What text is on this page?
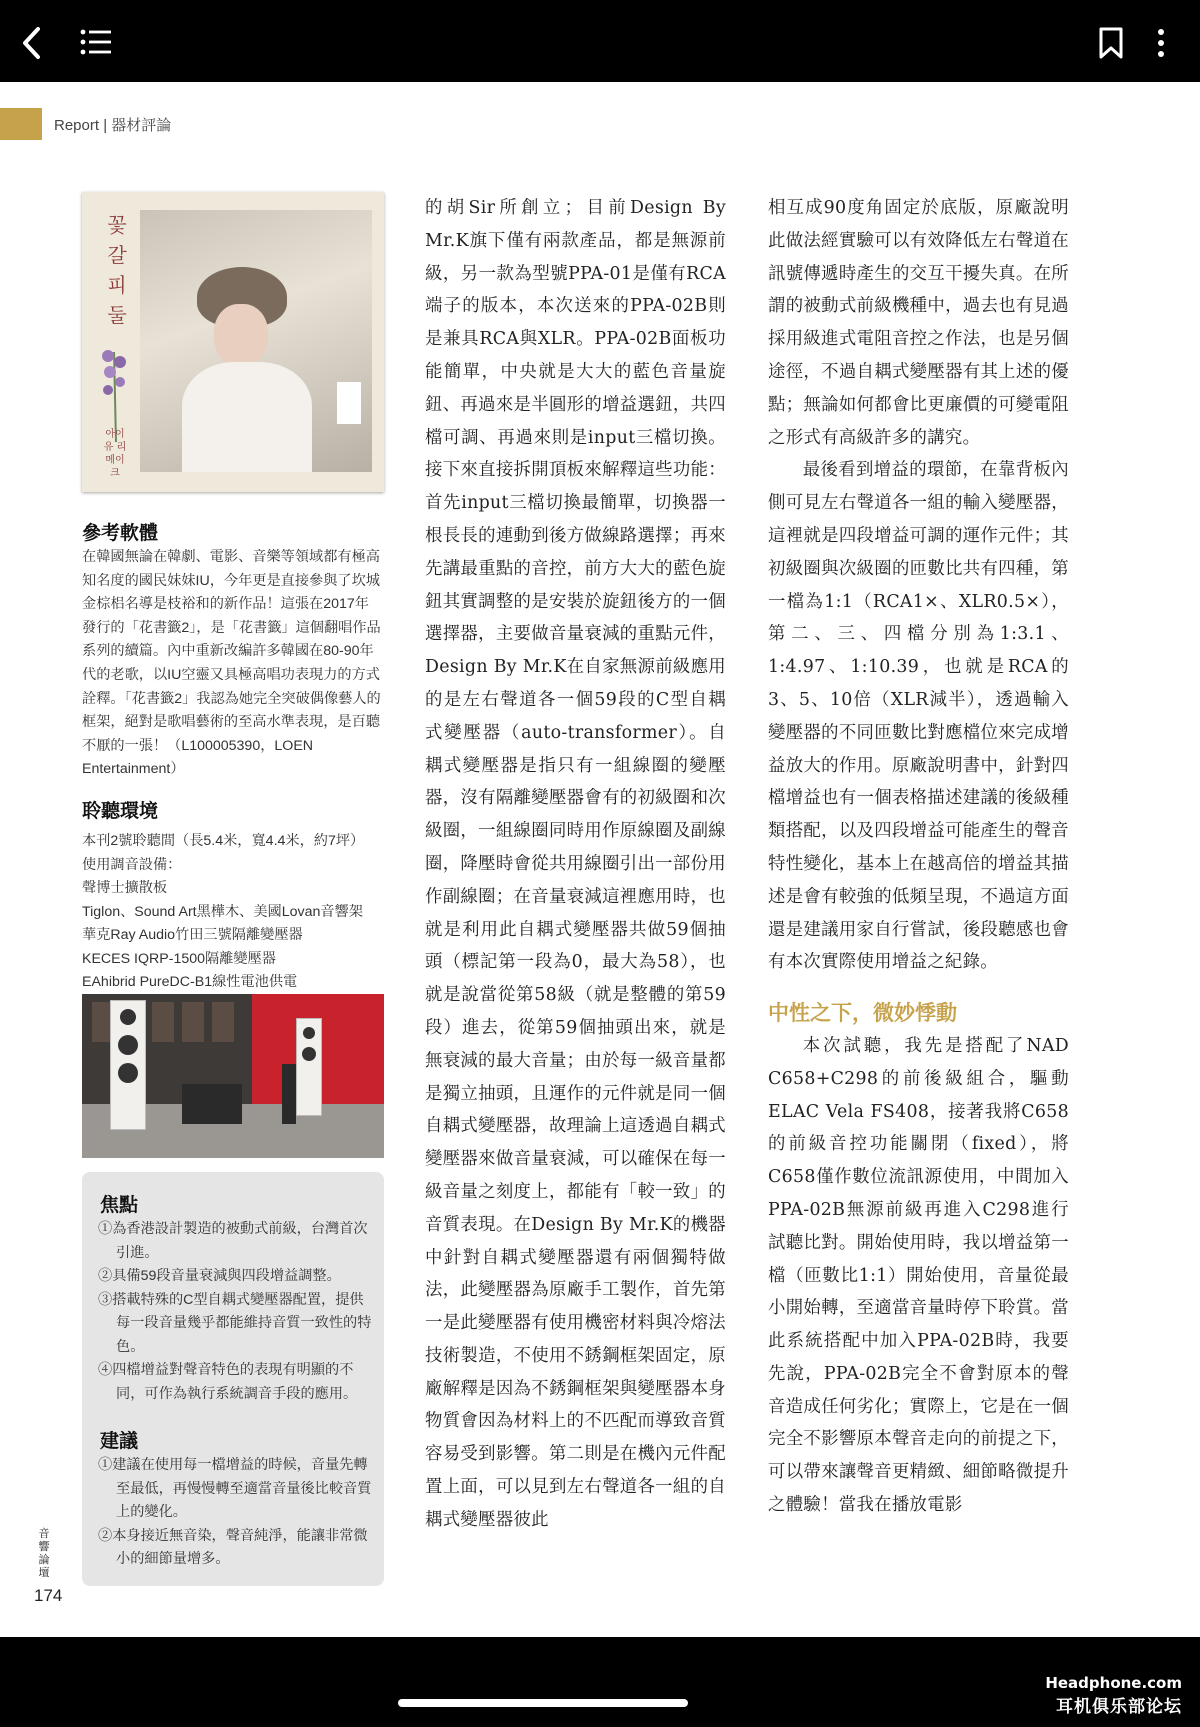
Report | 器材評論
꽃 갈피 둘
아이유 리메이크
參考軟體

在韓國無論在韓劇、電影、音樂等領域都有極高知名度的國民妹妹IU，今年更是直接參與了坎城金棕梠名導是枝裕和的新作品！這張在2017年發行的「花書籤2」，是「花書籤」這個翻唱作品系列的續篇。內中重新改編許多韓國在80-90年代的老歌，以IU空靈又具極高唱功表現力的方式詮釋。「花書籤2」我認為她完全突破偶像藝人的框架，絕對是歌唱藝術的至高水準表現，是百聽不厭的一張！（L100005390，LOEN Entertainment）

聆聽環境
本刊2號聆聽間（長5.4米，寬4.4米，約7坪）
使用調音設備：
聲博士擴散板
Tiglon、Sound Art黑樺木、美國Lovan音響架
華克Ray Audio竹田三號隔離變壓器
KECES IQRP-1500隔離變壓器
EAhibrid PureDC-B1線性電池供電
焦點
①為香港設計製造的被動式前級，台灣首次引進。
②具備59段音量衰減與四段增益調整。
③搭載特殊的C型自耦式變壓器配置，提供每一段音量幾乎都能維持音質一致性的特色。
④四檔增益對聲音特色的表現有明顯的不同，可作為執行系統調音手段的應用。
建議
①建議在使用每一檔增益的時候，音量先轉至最低，再慢慢轉至適當音量後比較音質上的變化。
②本身接近無音染，聲音純淨，能讓非常微小的細節量增多。
音響論壇
174

的胡Sir所創立；目前Design By Mr.K旗下僅有兩款產品，都是無源前級，另一款為型號PPA-01是僅有RCA端子的版本，本次送來的PPA-02B則是兼具RCA與XLR。PPA-02B面板功能簡單，中央就是大大的藍色音量旋鈕、再過來是半圓形的增益選鈕，共四檔可調、再過來則是input三檔切換。接下來直接拆開頂板來解釋這些功能：首先input三檔切換最簡單，切換器一根長長的連動到後方做線路選擇；再來先講最重點的音控，前方大大的藍色旋鈕其實調整的是安裝於旋鈕後方的一個選擇器，主要做音量衰減的重點元件，Design By Mr.K在自家無源前級應用的是左右聲道各一個59段的C型自耦式變壓器（auto-transformer）。自耦式變壓器是指只有一組線圈的變壓器，沒有隔離變壓器會有的初級圈和次級圈，一組線圈同時用作原線圈及副線圈，降壓時會從共用線圈引出一部份用作副線圈；在音量衰減這裡應用時，也就是利用此自耦式變壓器共做59個抽頭（標記第一段為0，最大為58），也就是說當從第58級（就是整體的第59段）進去，從第59個抽頭出來，就是無衰減的最大音量；由於每一級音量都是獨立抽頭，且運作的元件就是同一個自耦式變壓器，故理論上這透過自耦式變壓器來做音量衰減，可以確保在每一級音量之刻度上，都能有「較一致」的音質表現。在Design By Mr.K的機器中針對自耦式變壓器還有兩個獨特做法，此變壓器為原廠手工製作，首先第一是此變壓器有使用機密材料與冷熔法技術製造，不使用不銹鋼框架固定，原廠解釋是因為不銹鋼框架與變壓器本身物質會因為材料上的不匹配而導致音質容易受到影響。第二則是在機內元件配置上面，可以見到左右聲道各一組的自耦式變壓器彼此

相互成90度角固定於底版，原廠說明此做法經實驗可以有效降低左右聲道在訊號傳遞時產生的交互干擾失真。在所謂的被動式前級機種中，過去也有見過採用級進式電阻音控之作法，也是另個途徑，不過自耦式變壓器有其上述的優點；無論如何都會比更廉價的可變電阻之形式有高級許多的講究。

最後看到增益的環節，在靠背板內側可見左右聲道各一組的輸入變壓器，這裡就是四段增益可調的運作元件；其初級圈與次級圈的匝數比共有四種，第一檔為1:1（RCA1×、XLR0.5×），第二、三、四檔分別為1:3.1、1:4.97、1:10.39，也就是RCA的3、5、10倍（XLR減半），透過輸入變壓器的不同匝數比對應檔位來完成增益放大的作用。原廠說明書中，針對四檔增益也有一個表格描述建議的後級種類搭配，以及四段增益可能產生的聲音特性變化，基本上在越高倍的增益其描述是會有較強的低頻呈現，不過這方面還是建議用家自行嘗試，後段聽感也會有本次實際使用增益之紀錄。

中性之下，微妙悸動

本次試聽，我先是搭配了NAD C658+C298的前後級組合，驅動ELAC Vela FS408，接著我將C658的前級音控功能關閉（fixed），將C658僅作數位流訊源使用，中間加入PPA-02B無源前級再進入C298進行試聽比對。開始使用時，我以增益第一檔（匝數比1:1）開始使用，音量從最小開始轉，至適當音量時停下聆賞。當此系統搭配中加入PPA-02B時，我要先說，PPA-02B完全不會對原本的聲音造成任何劣化；實際上，它是在一個完全不影響原本聲音走向的前提之下，可以帶來讓聲音更精緻、細節略微提升之體驗！當我在播放電影

Headphone.com
耳机俱乐部论坛
